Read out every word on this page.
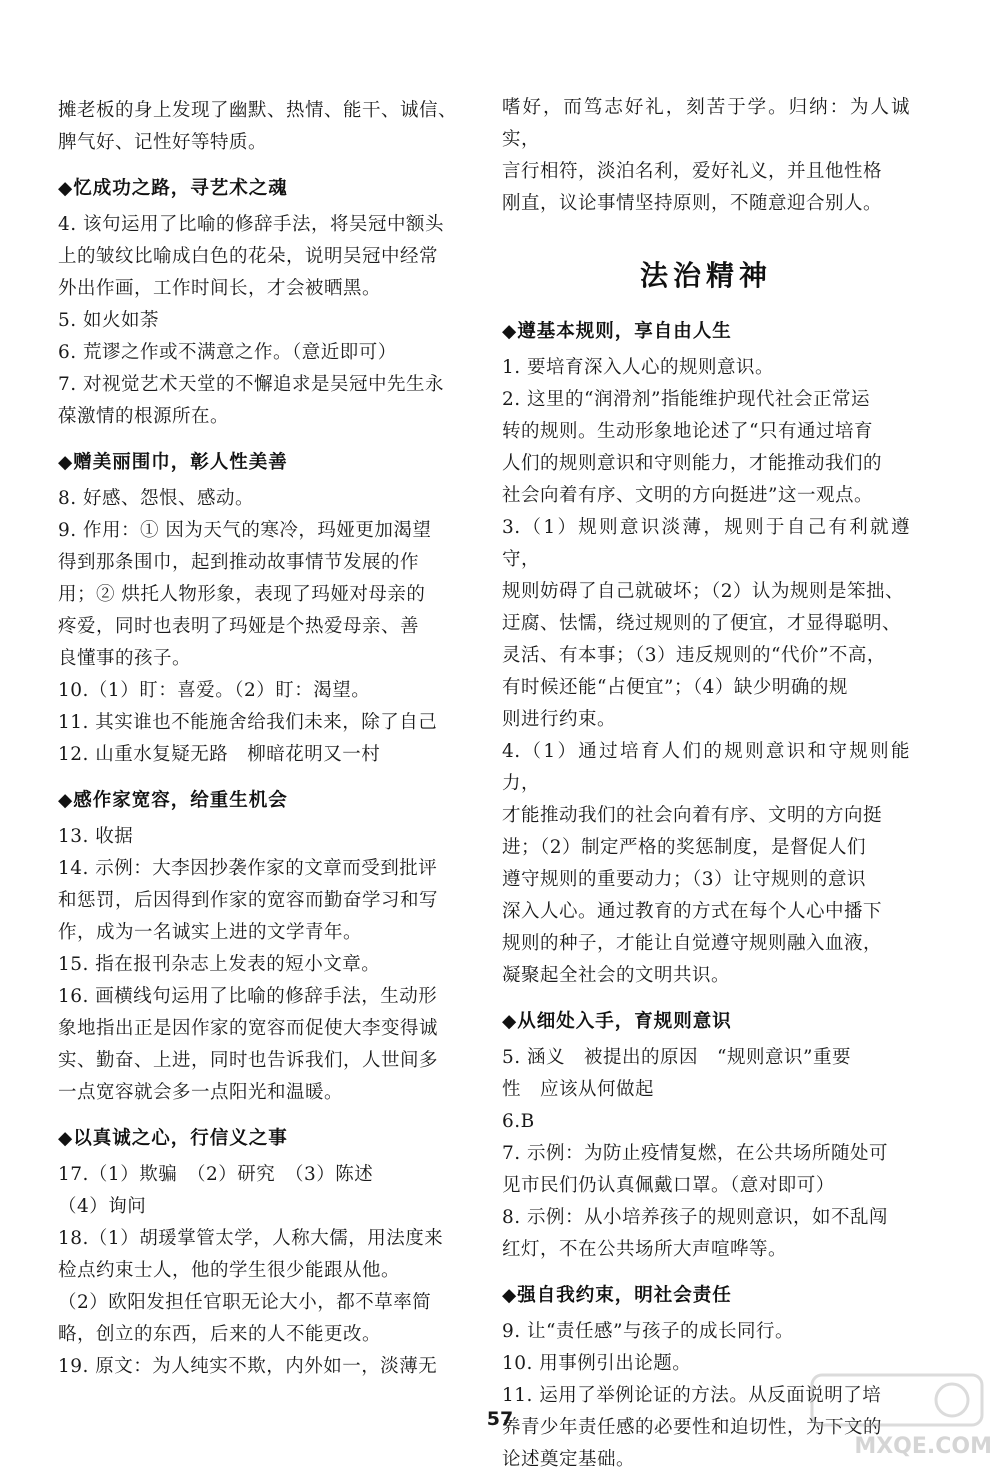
摊老板的身上发现了幽默、热情、能干、诚信、

脾气好、记性好等特质。

◆忆成功之路，寻艺术之魂

4. 该句运用了比喻的修辞手法，将吴冠中额头

上的皱纹比喻成白色的花朵，说明吴冠中经常

外出作画，工作时间长，才会被晒黑。

5. 如火如荼

6. 荒谬之作或不满意之作。（意近即可）

7. 对视觉艺术天堂的不懈追求是吴冠中先生永

葆激情的根源所在。

◆赠美丽围巾，彰人性美善

8. 好感、怨恨、感动。

9. 作用：① 因为天气的寒冷，玛娅更加渴望

得到那条围巾，起到推动故事情节发展的作

用；② 烘托人物形象，表现了玛娅对母亲的

疼爱，同时也表明了玛娅是个热爱母亲、善

良懂事的孩子。

10.（1）盯：喜爱。（2）盯：渴望。

11. 其实谁也不能施舍给我们未来，除了自己

12. 山重水复疑无路　柳暗花明又一村

◆感作家宽容，给重生机会

13. 收据

14. 示例：大李因抄袭作家的文章而受到批评

和惩罚，后因得到作家的宽容而勤奋学习和写

作，成为一名诚实上进的文学青年。

15. 指在报刊杂志上发表的短小文章。

16. 画横线句运用了比喻的修辞手法，生动形

象地指出正是因作家的宽容而促使大李变得诚

实、勤奋、上进，同时也告诉我们，人世间多

一点宽容就会多一点阳光和温暖。

◆以真诚之心，行信义之事

17.（1）欺骗　（2）研究　（3）陈述

（4）询问

18.（1）胡瑗掌管太学，人称大儒，用法度来

检点约束士人，他的学生很少能跟从他。

（2）欧阳发担任官职无论大小，都不草率简

略，创立的东西，后来的人不能更改。

19. 原文：为人纯实不欺，内外如一，淡薄无

嗜好，而笃志好礼，刻苦于学。归纳：为人诚实，

言行相符，淡泊名利，爱好礼义，并且他性格

刚直，议论事情坚持原则，不随意迎合别人。

法治精神
◆遵基本规则，享自由人生

1. 要培育深入人心的规则意识。

2. 这里的“润滑剂”指能维护现代社会正常运

转的规则。生动形象地论述了“只有通过培育

人们的规则意识和守则能力，才能推动我们的

社会向着有序、文明的方向挺进”这一观点。

3.（1）规则意识淡薄，规则于自己有利就遵守，

规则妨碍了自己就破坏；（2）认为规则是笨拙、

迂腐、怯懦，绕过规则的了便宜，才显得聪明、

灵活、有本事；（3）违反规则的“代价”不高，

有时候还能“占便宜”；（4）缺少明确的规

则进行约束。

4.（1）通过培育人们的规则意识和守规则能力，

才能推动我们的社会向着有序、文明的方向挺

进；（2）制定严格的奖惩制度，是督促人们

遵守规则的重要动力；（3）让守规则的意识

深入人心。通过教育的方式在每个人心中播下

规则的种子，才能让自觉遵守规则融入血液，

凝聚起全社会的文明共识。

◆从细处入手，育规则意识

5. 涵义　被提出的原因　“规则意识”重要

性　应该从何做起

6.B

7. 示例：为防止疫情复燃，在公共场所随处可

见市民们仍认真佩戴口罩。（意对即可）

8. 示例：从小培养孩子的规则意识，如不乱闯

红灯，不在公共场所大声喧哗等。

◆强自我约束，明社会责任

9. 让“责任感”与孩子的成长同行。

10. 用事例引出论题。

11. 运用了举例论证的方法。从反面说明了培

养青少年责任感的必要性和迫切性，为下文的

论述奠定基础。

57
MXQE.COM
